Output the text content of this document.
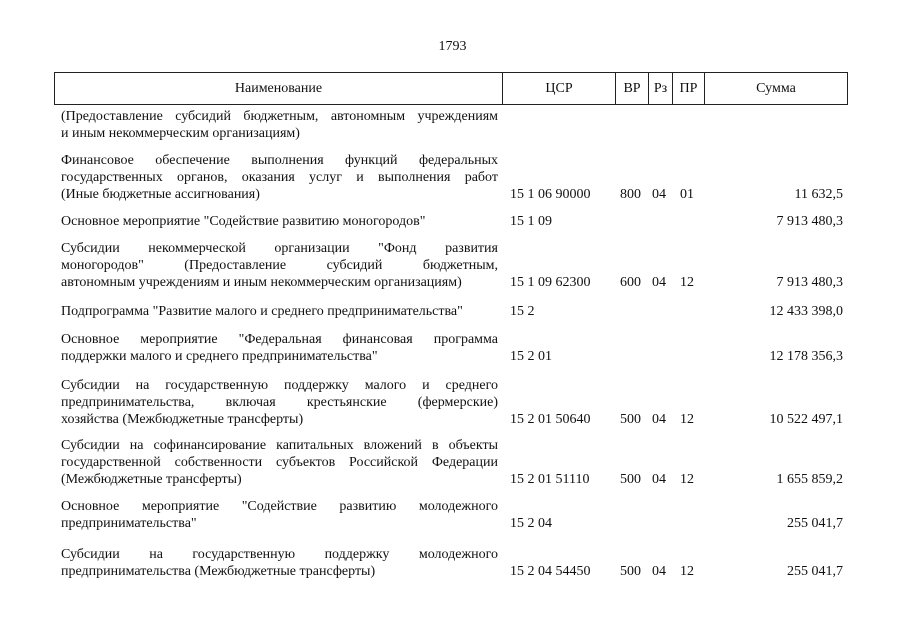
1793
Наименование	ЦСР	ВР Рз ПР	Сумма
(Предоставление субсидий бюджетным, автономным учреждениям
и иным некоммерческим организациям)
Финансовое обеспечение выполнения функций федеральных
государственных органов, оказания услуг и выполнения работ
(Иные бюджетные ассигнования)	15 1 06 90000 800 04 01	11 632,5
Основное мероприятие "Содействие развитию моногородов"	15 1 09	7 913 480,3
Субсидии некоммерческой организации "Фонд развития
моногородов" (Предоставление субсидий бюджетным,
автономным учреждениям и иным некоммерческим организациям)	15 1 09 62300 600 04 12	7 913 480,3
Подпрограмма "Развитие малого и среднего предпринимательства"	15 2	12 433 398,0
Основное мероприятие "Федеральная финансовая программа
поддержки малого и среднего предпринимательства"	15 2 01	12 178 356,3
Субсидии на государственную поддержку малого и среднего
предпринимательства, включая крестьянские (фермерские)
хозяйства (Межбюджетные трансферты)	15 2 01 50640 500 04 12	10 522 497,1
Субсидии на софинансирование капитальных вложений в объекты
государственной собственности субъектов Российской Федерации
(Межбюджетные трансферты)	15 2 01 51110 500 04 12	1 655 859,2
Основное мероприятие "Содействие развитию молодежного
предпринимательства"	15 2 04	255 041,7
Субсидии на государственную поддержку молодежного
предпринимательства (Межбюджетные трансферты)	15 2 04 54450 500 04 12	255 041,7
